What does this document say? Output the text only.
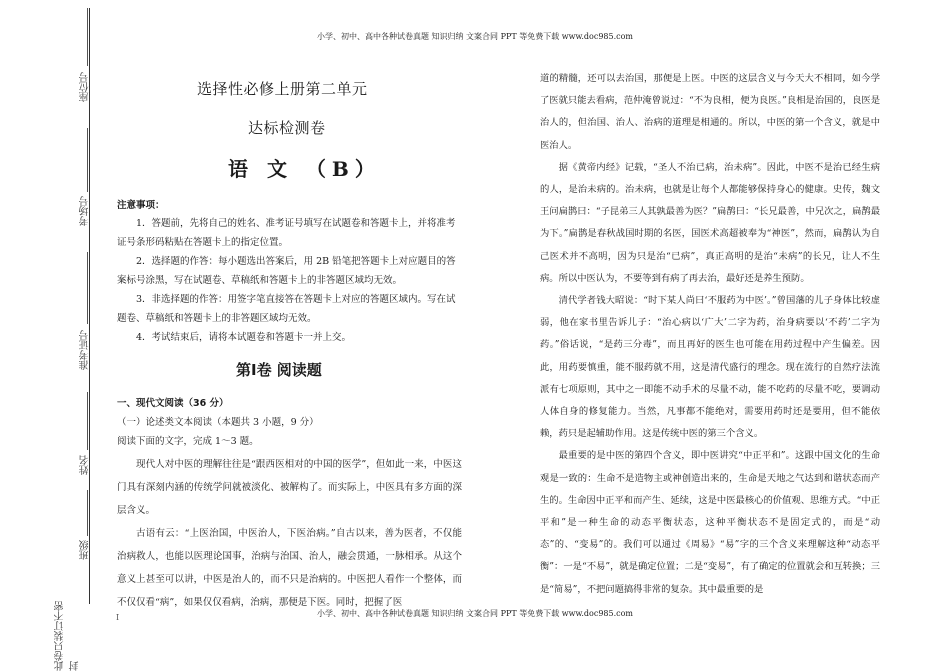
小学、初中、高中各种试卷真题 知识归纳 文案合同 PPT 等免费下载 www.doc985.com
座位号
考场号
准考证号
姓名
班级
此卷只装订不密封
选择性必修上册第二单元
达标检测卷
语 文 （B）
注意事项：

1．答题前，先将自己的姓名、准考证号填写在试题卷和答题卡上，并将准考证号条形码粘贴在答题卡上的指定位置。

2．选择题的作答：每小题选出答案后，用 2B 铅笔把答题卡上对应题目的答案标号涂黑，写在试题卷、草稿纸和答题卡上的非答题区域均无效。

3．非选择题的作答：用签字笔直接答在答题卡上对应的答题区域内。写在试题卷、草稿纸和答题卡上的非答题区域均无效。

4．考试结束后，请将本试题卷和答题卡一并上交。

第Ⅰ卷 阅读题
一、现代文阅读（36 分）
（一）论述类文本阅读（本题共 3 小题，9 分）
阅读下面的文字，完成 1～3 题。

现代人对中医的理解往往是“跟西医相对的中国的医学”，但如此一来，中医这门具有深刻内涵的传统学问就被淡化、被解构了。而实际上，中医具有多方面的深层含义。

古语有云：“上医治国，中医治人，下医治病。”自古以来，善为医者，不仅能治病救人，也能以医理论国事，治病与治国、治人，融会贯通，一脉相承。从这个意义上甚至可以讲，中医是治人的，而不只是治病的。中医把人看作一个整体，而不仅仅看“病”，如果仅仅看病，治病，那便是下医。同时，把握了医

道的精髓，还可以去治国，那便是上医。中医的这层含义与今天大不相同，如今学了医就只能去看病，范仲淹曾说过：“不为良相，便为良医。”良相是治国的，良医是治人的，但治国、治人、治病的道理是相通的。所以，中医的第一个含义，就是中医治人。

据《黄帝内经》记载，“圣人不治已病，治未病”。因此，中医不是治已经生病的人，是治未病的。治未病，也就是让每个人都能够保持身心的健康。史传，魏文王问扁鹊曰：“子昆弟三人其孰最善为医？”扁鹊曰：“长兄最善，中兄次之，扁鹊最为下。”扁鹊是春秋战国时期的名医，国医术高超被奉为“神医”，然而，扁鹊认为自己医术并不高明，因为只是治“已病”，真正高明的是治“未病”的长兄，让人不生病。所以中医认为，不要等到有病了再去治，最好还是养生预防。

清代学者钱大昭说：“时下某人尚曰‘不服药为中医’。”曾国藩的儿子身体比较虚弱，他在家书里告诉儿子：“治心病以‘广大’二字为药，治身病要以‘不药’二字为药。”俗话说，“是药三分毒”，而且再好的医生也可能在用药过程中产生偏差。因此，用药要慎重，能不服药就不用，这是清代盛行的理念。现在流行的自然疗法流派有七项原则，其中之一即能不动手术的尽量不动，能不吃药的尽量不吃，要调动人体自身的修复能力。当然，凡事都不能绝对，需要用药时还是要用，但不能依赖，药只是起辅助作用。这是传统中医的第三个含义。

最重要的是中医的第四个含义，即中医讲究“中正平和”。这跟中国文化的生命观是一致的：生命不是造物主或神创造出来的，生命是天地之气达到和谐状态而产生的。生命因中正平和而产生、延续，这是中医最核心的价值观、思维方式。“中正平和”是一种生命的动态平衡状态，这种平衡状态不是固定式的，而是“动态”的、“变易”的。我们可以通过《周易》“易”字的三个含义来理解这种“动态平衡”：一是“不易”，就是确定位置；二是“变易”，有了确定的位置就会和互转换；三是“简易”，不把问题搞得非常的复杂。其中最重要的是

I	小学、初中、高中各种试卷真题 知识归纳 文案合同 PPT 等免费下载 www.doc985.com
